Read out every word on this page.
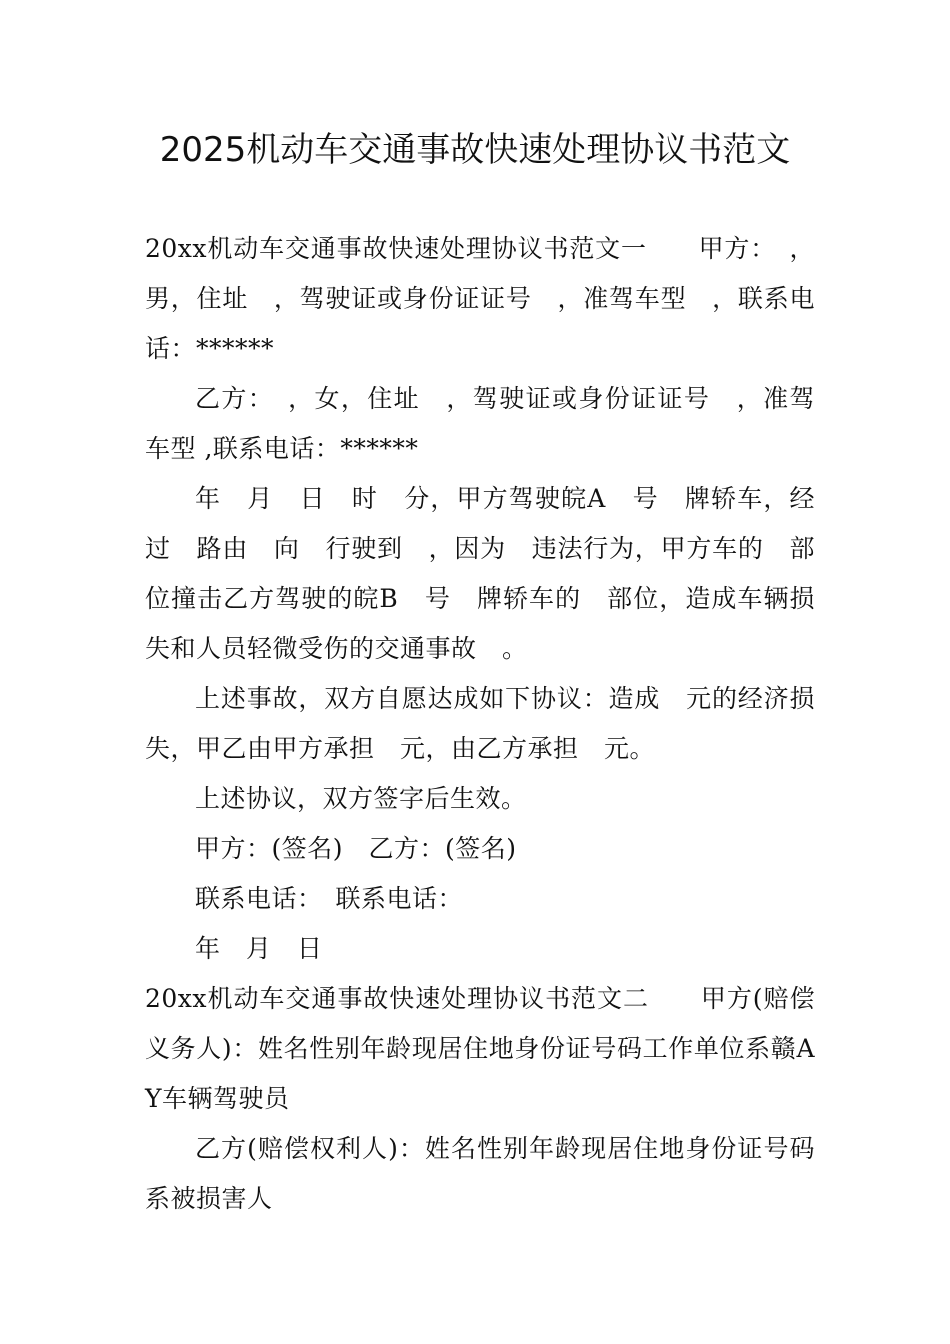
2025机动车交通事故快速处理协议书范文

20xx机动车交通事故快速处理协议书范文一　　甲方：　，男，住址　，驾驶证或身份证证号　，准驾车型　，联系电话：******

乙方：　，女，住址　，驾驶证或身份证证号　，准驾车型 ,联系电话：******

年　月　日　时　分，甲方驾驶皖A　号　牌轿车，经过　路由　向　行驶到　，因为　违法行为，甲方车的　部位撞击乙方驾驶的皖B　号　牌轿车的　部位，造成车辆损失和人员轻微受伤的交通事故　。

上述事故，双方自愿达成如下协议：造成　元的经济损失，甲乙由甲方承担　元，由乙方承担　元。

上述协议，双方签字后生效。

甲方：(签名)　乙方：(签名)

联系电话：　联系电话：

年　月　日

20xx机动车交通事故快速处理协议书范文二　　甲方(赔偿义务人)：姓名性别年龄现居住地身份证号码工作单位系赣AY车辆驾驶员

乙方(赔偿权利人)：姓名性别年龄现居住地身份证号码系被损害人
